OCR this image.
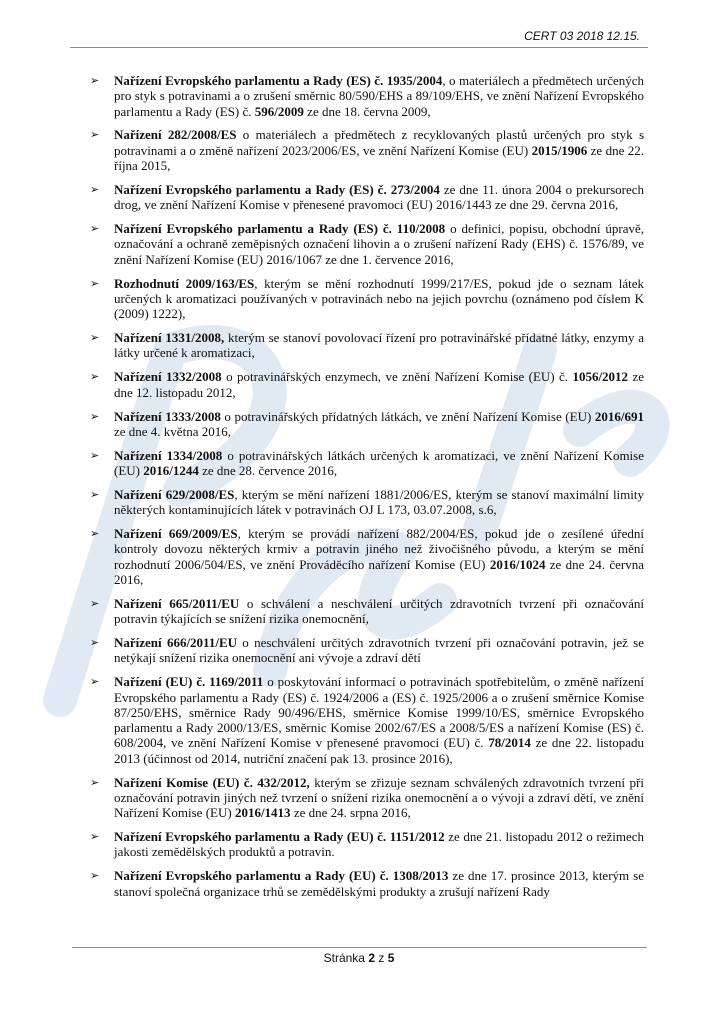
CERT 03 2018 12.15.
➢ Nařízení Evropského parlamentu a Rady (ES) č. 1935/2004, o materiálech a předmětech určených pro styk s potravinami a o zrušení směrnic 80/590/EHS a 89/109/EHS, ve znění Nařízení Evropského parlamentu a Rady (ES) č. 596/2009 ze dne 18. června 2009,
➢ Nařízení 282/2008/ES o materiálech a předmětech z recyklovaných plastů určených pro styk s potravinami a o změně nařízení 2023/2006/ES, ve znění Nařízení Komise (EU) 2015/1906 ze dne 22. října 2015,
➢ Nařízení Evropského parlamentu a Rady (ES) č. 273/2004 ze dne 11. února 2004 o prekursorech drog, ve znění Nařízení Komise v přenesené pravomoci (EU) 2016/1443 ze dne 29. června 2016,
➢ Nařízení Evropského parlamentu a Rady (ES) č. 110/2008 o definici, popisu, obchodní úpravě, označování a ochraně zeměpisných označení lihovin a o zrušení nařízení Rady (EHS) č. 1576/89, ve znění Nařízení Komise (EU) 2016/1067 ze dne 1. července 2016,
➢ Rozhodnutí 2009/163/ES, kterým se mění rozhodnutí 1999/217/ES, pokud jde o seznam látek určených k aromatizaci používaných v potravinách nebo na jejich povrchu (oznámeno pod číslem K (2009) 1222),
➢ Nařízení 1331/2008, kterým se stanoví povolovací řízení pro potravinářské přídatné látky, enzymy a látky určené k aromatizaci,
➢ Nařízení 1332/2008 o potravinářských enzymech, ve znění Nařízení Komise (EU) č. 1056/2012 ze dne 12. listopadu 2012,
➢ Nařízení 1333/2008 o potravinářských přídatných látkách, ve znění Nařízení Komise (EU) 2016/691 ze dne 4. května 2016,
➢ Nařízení 1334/2008 o potravinářských látkách určených k aromatizaci, ve znění Nařízení Komise (EU) 2016/1244 ze dne 28. července 2016,
➢ Nařízení 629/2008/ES, kterým se mění nařízení 1881/2006/ES, kterým se stanoví maximální limity některých kontaminujících látek v potravinách OJ L 173, 03.07.2008, s.6,
➢ Nařízení 669/2009/ES, kterým se provádí nařízení 882/2004/ES, pokud jde o zesílené úřední kontroly dovozu některých krmiv a potravin jiného než živočišného původu, a kterým se mění rozhodnutí 2006/504/ES, ve znění Prováděcího nařízení Komise (EU) 2016/1024 ze dne 24. června 2016,
➢ Nařízení 665/2011/EU o schválení a neschválení určitých zdravotních tvrzení při označování potravin týkajících se snížení rizika onemocnění,
➢ Nařízení 666/2011/EU o neschválení určitých zdravotních tvrzení při označování potravin, jež se netýkají snížení rizika onemocnění ani vývoje a zdraví dětí
➢ Nařízení (EU) č. 1169/2011 o poskytování informací o potravinách spotřebitelům, o změně nařízení Evropského parlamentu a Rady (ES) č. 1924/2006 a (ES) č. 1925/2006 a o zrušení směrnice Komise 87/250/EHS, směrnice Rady 90/496/EHS, směrnice Komise 1999/10/ES, směrnice Evropského parlamentu a Rady 2000/13/ES, směrnic Komise 2002/67/ES a 2008/5/ES a nařízení Komise (ES) č. 608/2004, ve znění Nařízení Komise v přenesené pravomoci (EU) č. 78/2014 ze dne 22. listopadu 2013 (účinnost od 2014, nutriční značení pak 13. prosince 2016),
➢ Nařízení Komise (EU) č. 432/2012, kterým se zřizuje seznam schválených zdravotních tvrzení při označování potravin jiných než tvrzení o snížení rizika onemocnění a o vývoji a zdraví dětí, ve znění Nařízení Komise (EU) 2016/1413 ze dne 24. srpna 2016,
➢ Nařízení Evropského parlamentu a Rady (EU) č. 1151/2012 ze dne 21. listopadu 2012 o režimech jakosti zemědělských produktů a potravin.
➢ Nařízení Evropského parlamentu a Rady (EU) č. 1308/2013 ze dne 17. prosince 2013, kterým se stanoví společná organizace trhů se zemědělskými produkty a zrušují nařízení Rady
Stránka 2 z 5
